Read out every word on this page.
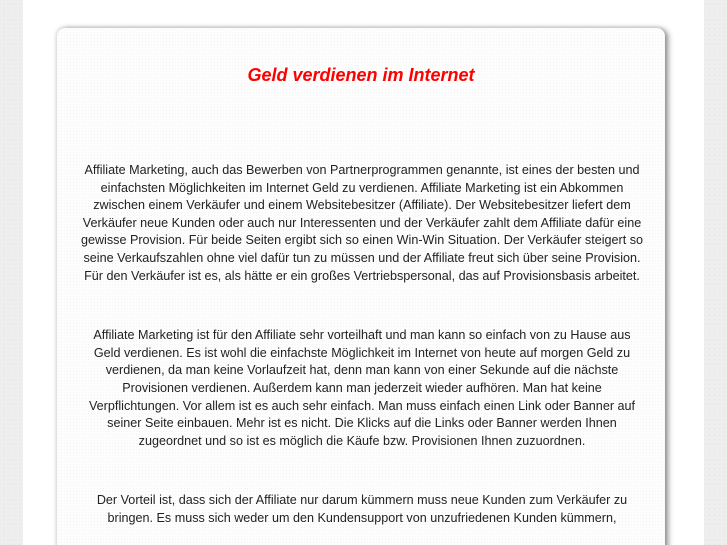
Geld verdienen im Internet

Affiliate Marketing, auch das Bewerben von Partnerprogrammen genannte, ist eines der besten und einfachsten Möglichkeiten im Internet Geld zu verdienen. Affiliate Marketing ist ein Abkommen zwischen einem Verkäufer und einem Websitebesitzer (Affiliate). Der Websitebesitzer liefert dem Verkäufer neue Kunden oder auch nur Interessenten und der Verkäufer zahlt dem Affiliate dafür eine gewisse Provision. Für beide Seiten ergibt sich so einen Win-Win Situation. Der Verkäufer steigert so seine Verkaufszahlen ohne viel dafür tun zu müssen und der Affiliate freut sich über seine Provision. Für den Verkäufer ist es, als hätte er ein großes Vertriebspersonal, das auf Provisionsbasis arbeitet.

Affiliate Marketing ist für den Affiliate sehr vorteilhaft und man kann so einfach von zu Hause aus Geld verdienen. Es ist wohl die einfachste Möglichkeit im Internet von heute auf morgen Geld zu verdienen, da man keine Vorlaufzeit hat, denn man kann von einer Sekunde auf die nächste Provisionen verdienen. Außerdem kann man jederzeit wieder aufhören. Man hat keine Verpflichtungen. Vor allem ist es auch sehr einfach. Man muss einfach einen Link oder Banner auf seiner Seite einbauen. Mehr ist es nicht. Die Klicks auf die Links oder Banner werden Ihnen zugeordnet und so ist es möglich die Käufe bzw. Provisionen Ihnen zuzuordnen.

Der Vorteil ist, dass sich der Affiliate nur darum kümmern muss neue Kunden zum Verkäufer zu bringen. Es muss sich weder um den Kundensupport von unzufriedenen Kunden kümmern,
